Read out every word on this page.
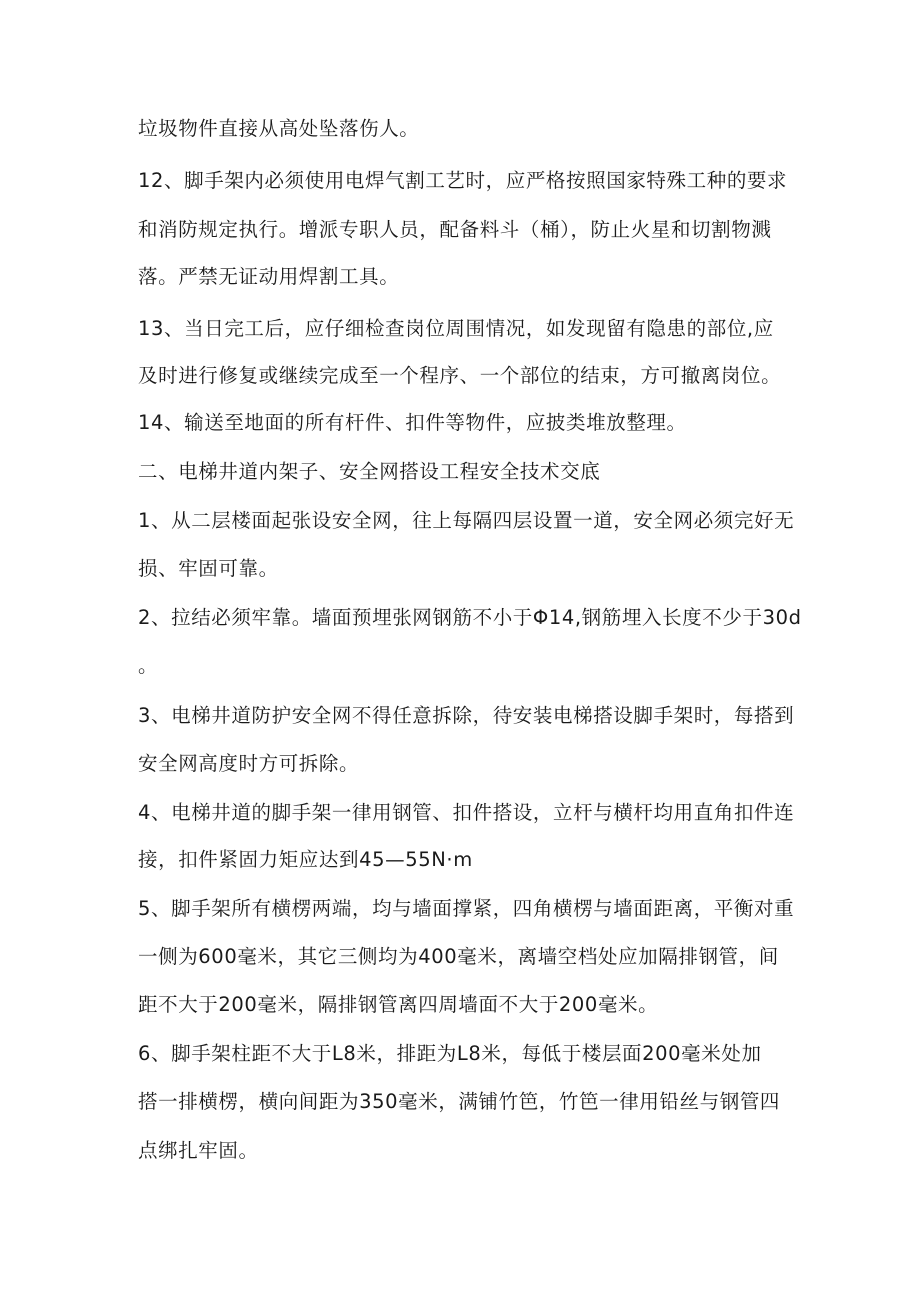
垃圾物件直接从高处坠落伤人。
12、脚手架内必须使用电焊气割工艺时，应严格按照国家特殊工种的要求
和消防规定执行。增派专职人员，配备料斗（桶），防止火星和切割物溅
落。严禁无证动用焊割工具。
13、当日完工后，应仔细检查岗位周围情况，如发现留有隐患的部位,应
及时进行修复或继续完成至一个程序、一个部位的结束，方可撤离岗位。
14、输送至地面的所有杆件、扣件等物件，应披类堆放整理。
二、电梯井道内架子、安全网搭设工程安全技术交底
1、从二层楼面起张设安全网，往上每隔四层设置一道，安全网必须完好无
损、牢固可靠。
2、拉结必须牢靠。墙面预埋张网钢筋不小于Φ14,钢筋埋入长度不少于30d
。
3、电梯井道防护安全网不得任意拆除，待安装电梯搭设脚手架时，每搭到
安全网高度时方可拆除。
4、电梯井道的脚手架一律用钢管、扣件搭设，立杆与横杆均用直角扣件连
接，扣件紧固力矩应达到45—55N·m
5、脚手架所有横楞两端，均与墙面撑紧，四角横楞与墙面距离，平衡对重
一侧为600毫米，其它三侧均为400毫米，离墙空档处应加隔排钢管，间
距不大于200毫米，隔排钢管离四周墙面不大于200毫米。
6、脚手架柱距不大于L8米，排距为L8米，每低于楼层面200毫米处加
搭一排横楞，横向间距为350毫米，满铺竹笆，竹笆一律用铅丝与钢管四
点绑扎牢固。
